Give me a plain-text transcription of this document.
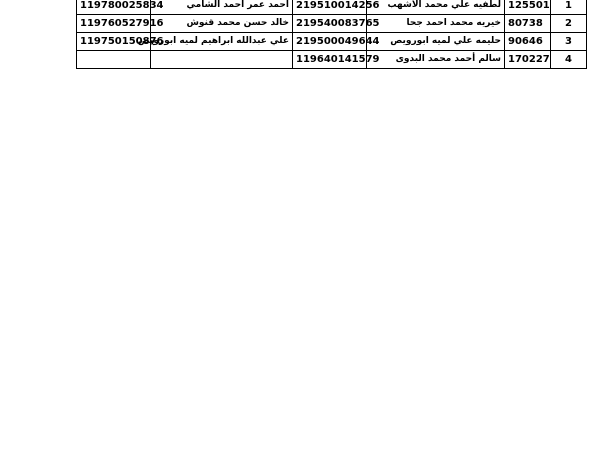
119780025834	أحمد عمر احمد الشامي	219510014256	لطفيه علي محمد الاشهب	125501	1
119760527916	خالد حسن محمد قنوش	219540083765	خيريه محمد احمد جحا	80738	2
119750150876	علي عبدالله ابراهيم لميه ابورويص	219500049644	حليمه علي لميه ابورويص	90646	3
		119640141579	سالم أحمد محمد البدوى	170227	4
